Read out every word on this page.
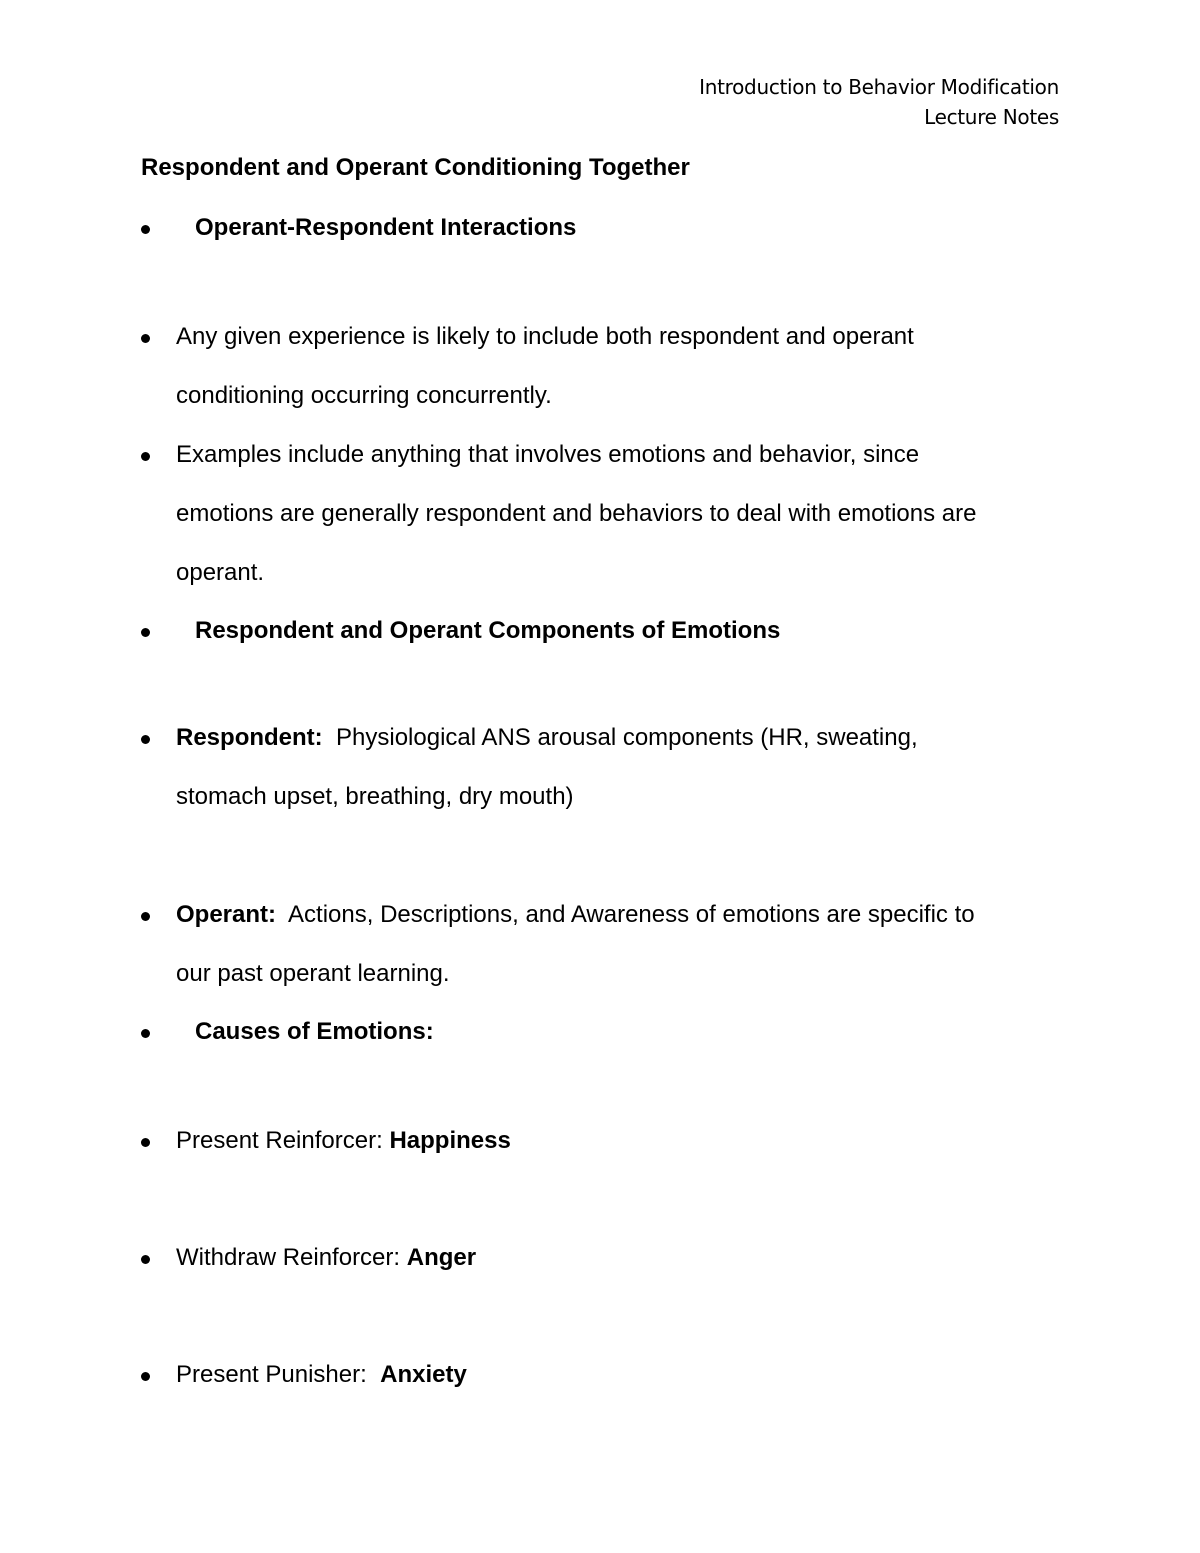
Introduction to Behavior Modification
Lecture Notes
Respondent and Operant Conditioning Together
Operant-Respondent Interactions
Any given experience is likely to include both respondent and operant
conditioning occurring concurrently.
Examples include anything that involves emotions and behavior, since
emotions are generally respondent and behaviors to deal with emotions are
operant.
Respondent and Operant Components of Emotions
Respondent: Physiological ANS arousal components (HR, sweating,
stomach upset, breathing, dry mouth)
Operant: Actions, Descriptions, and Awareness of emotions are specific to
our past operant learning.
Causes of Emotions:
Present Reinforcer: Happiness
Withdraw Reinforcer: Anger
Present Punisher: Anxiety
